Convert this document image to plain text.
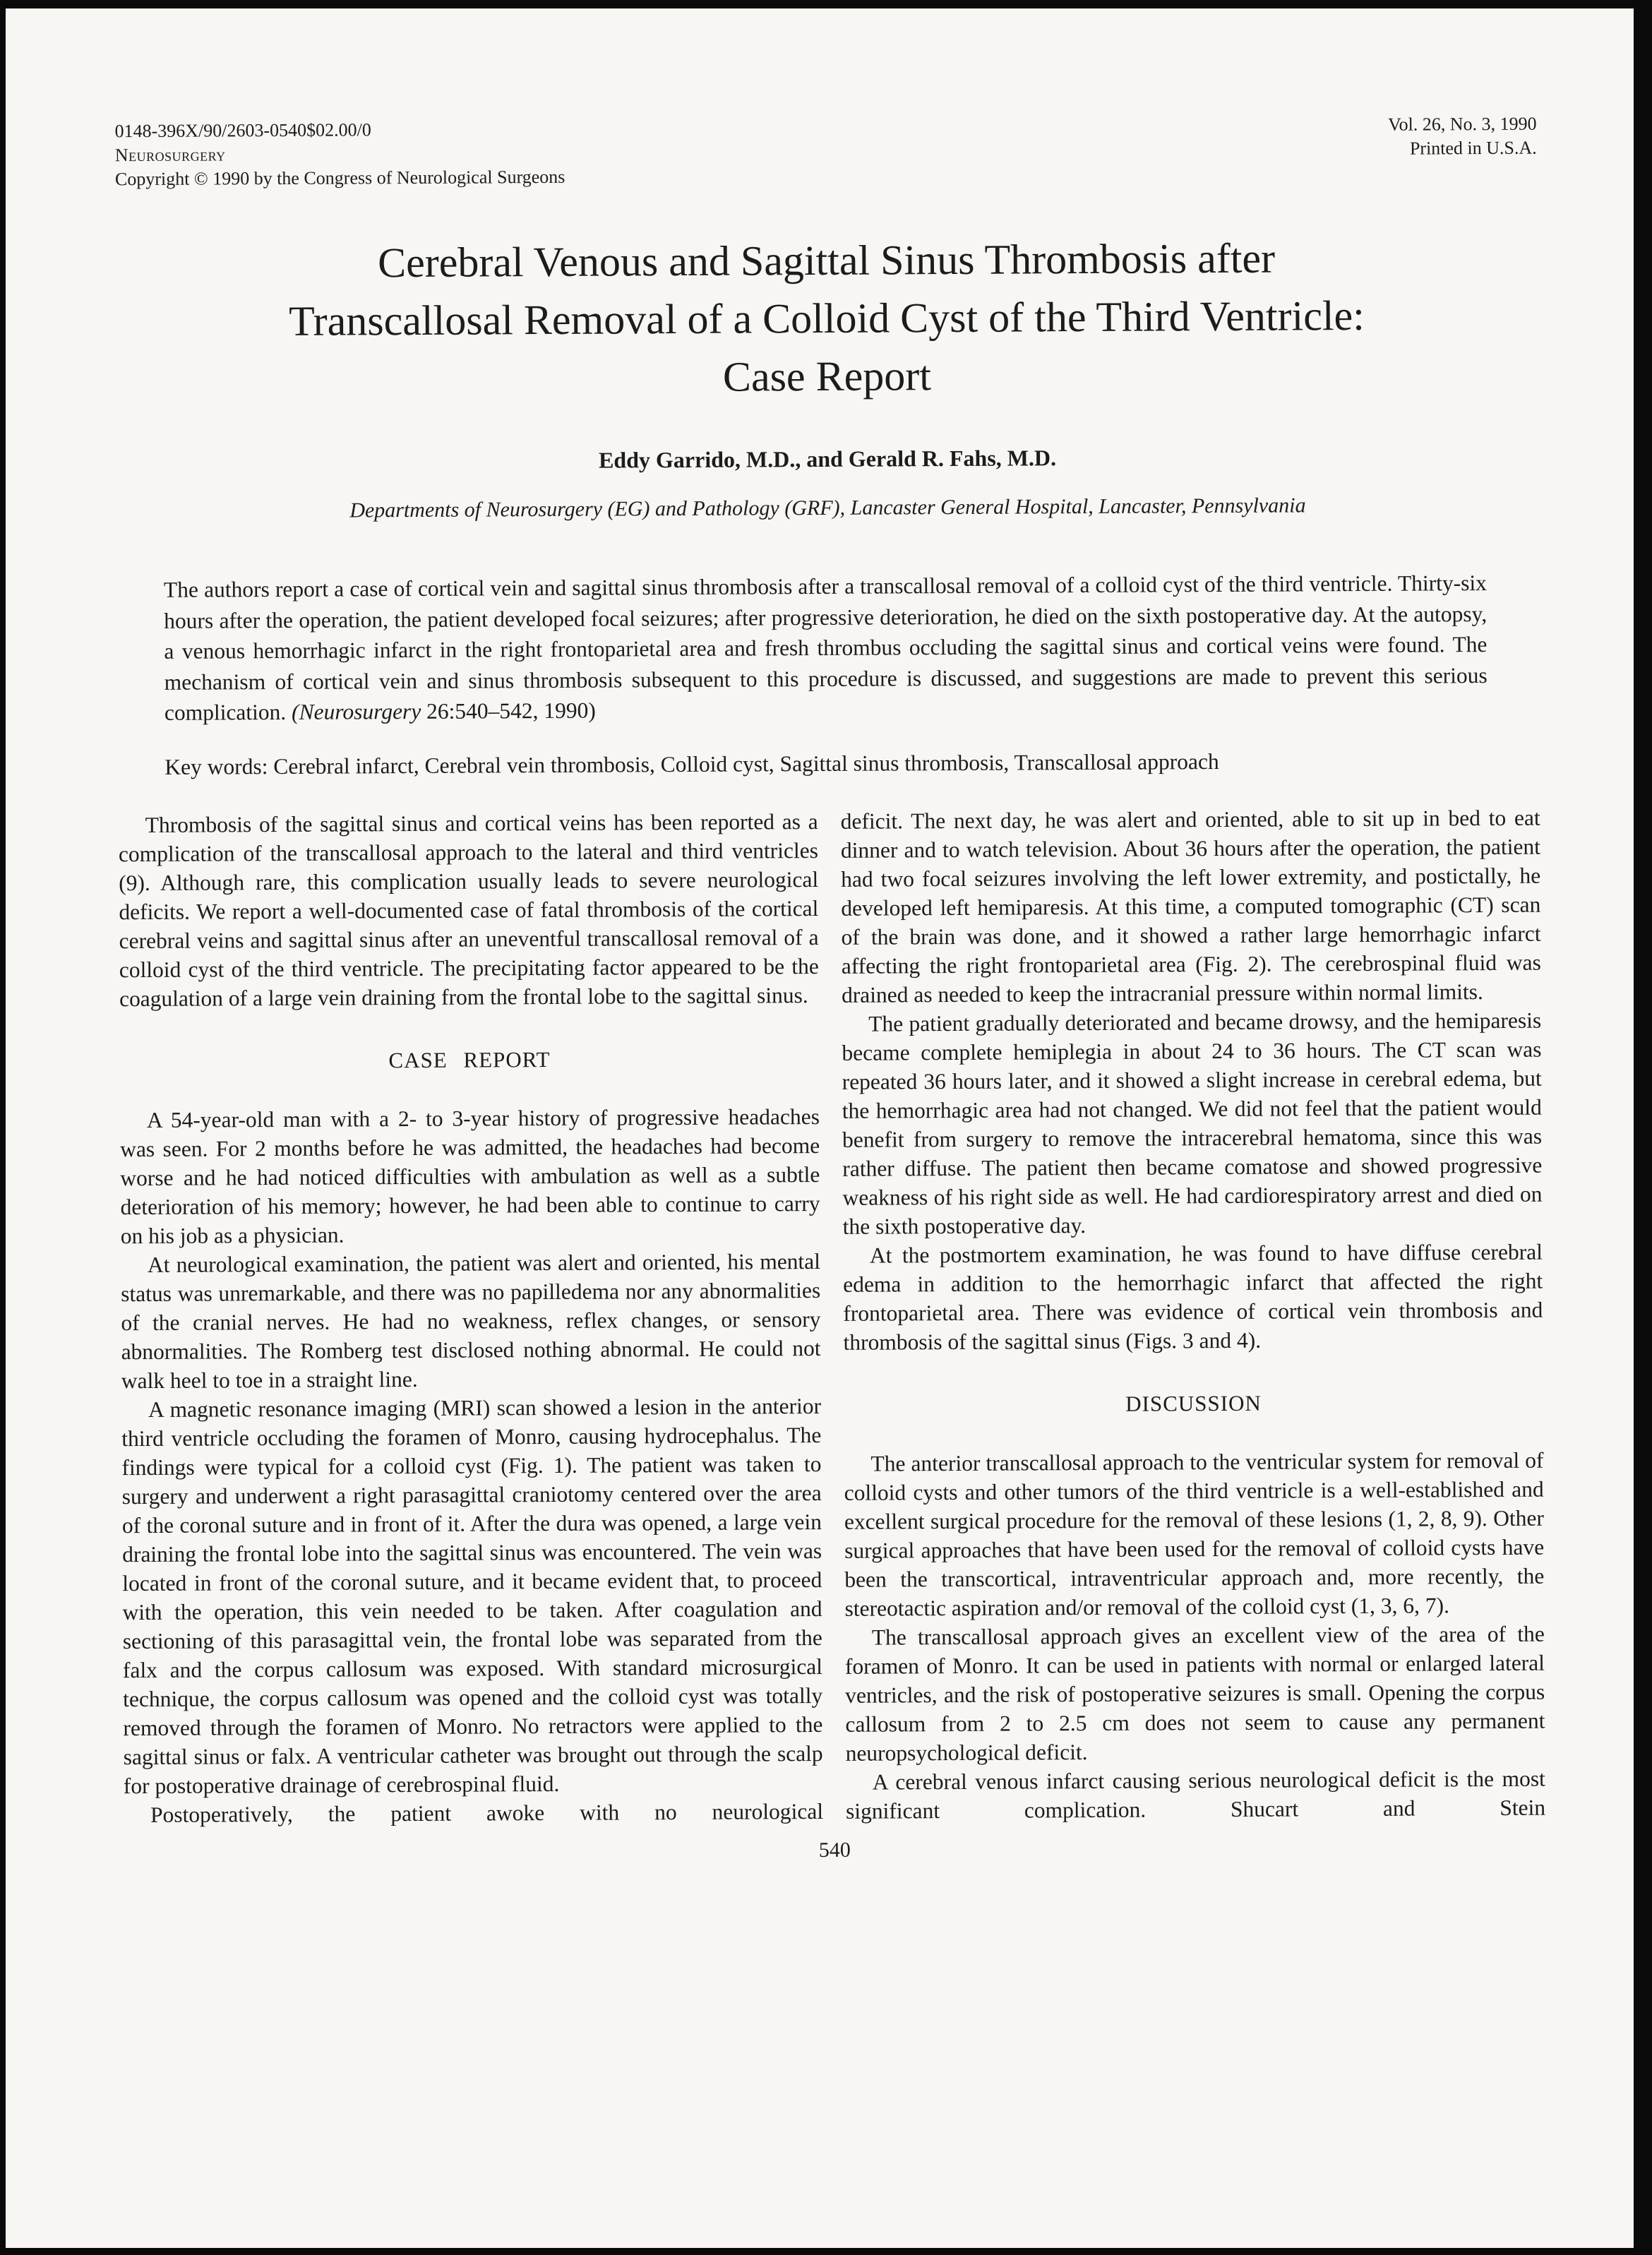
0148-396X/90/2603-0540$02.00/0
Neurosurgery
Copyright © 1990 by the Congress of Neurological Surgeons
Vol. 26, No. 3, 1990
Printed in U.S.A.
Cerebral Venous and Sagittal Sinus Thrombosis after
Transcallosal Removal of a Colloid Cyst of the Third Ventricle:
Case Report
Eddy Garrido, M.D., and Gerald R. Fahs, M.D.
Departments of Neurosurgery (EG) and Pathology (GRF), Lancaster General Hospital, Lancaster, Pennsylvania
The authors report a case of cortical vein and sagittal sinus thrombosis after a transcallosal removal of a colloid cyst of the third ventricle. Thirty-six hours after the operation, the patient developed focal seizures; after progressive deterioration, he died on the sixth postoperative day. At the autopsy, a venous hemorrhagic infarct in the right frontoparietal area and fresh thrombus occluding the sagittal sinus and cortical veins were found. The mechanism of cortical vein and sinus thrombosis subsequent to this procedure is discussed, and suggestions are made to prevent this serious complication. (Neurosurgery 26:540–542, 1990)
Key words: Cerebral infarct, Cerebral vein thrombosis, Colloid cyst, Sagittal sinus thrombosis, Transcallosal approach

Thrombosis of the sagittal sinus and cortical veins has been reported as a complication of the transcallosal approach to the lateral and third ventricles (9). Although rare, this complication usually leads to severe neurological deficits. We report a well-documented case of fatal thrombosis of the cortical cerebral veins and sagittal sinus after an uneventful transcallosal removal of a colloid cyst of the third ventricle. The precipitating factor appeared to be the coagulation of a large vein draining from the frontal lobe to the sagittal sinus.

CASE REPORT

A 54-year-old man with a 2- to 3-year history of progressive headaches was seen. For 2 months before he was admitted, the headaches had become worse and he had noticed difficulties with ambulation as well as a subtle deterioration of his memory; however, he had been able to continue to carry on his job as a physician.

At neurological examination, the patient was alert and oriented, his mental status was unremarkable, and there was no papilledema nor any abnormalities of the cranial nerves. He had no weakness, reflex changes, or sensory abnormalities. The Romberg test disclosed nothing abnormal. He could not walk heel to toe in a straight line.

A magnetic resonance imaging (MRI) scan showed a lesion in the anterior third ventricle occluding the foramen of Monro, causing hydrocephalus. The findings were typical for a colloid cyst (Fig. 1). The patient was taken to surgery and underwent a right parasagittal craniotomy centered over the area of the coronal suture and in front of it. After the dura was opened, a large vein draining the frontal lobe into the sagittal sinus was encountered. The vein was located in front of the coronal suture, and it became evident that, to proceed with the operation, this vein needed to be taken. After coagulation and sectioning of this parasagittal vein, the frontal lobe was separated from the falx and the corpus callosum was exposed. With standard microsurgical technique, the corpus callosum was opened and the colloid cyst was totally removed through the foramen of Monro. No retractors were applied to the sagittal sinus or falx. A ventricular catheter was brought out through the scalp for postoperative drainage of cerebrospinal fluid.

Postoperatively, the patient awoke with no neurological

deficit. The next day, he was alert and oriented, able to sit up in bed to eat dinner and to watch television. About 36 hours after the operation, the patient had two focal seizures involving the left lower extremity, and postictally, he developed left hemiparesis. At this time, a computed tomographic (CT) scan of the brain was done, and it showed a rather large hemorrhagic infarct affecting the right frontoparietal area (Fig. 2). The cerebrospinal fluid was drained as needed to keep the intracranial pressure within normal limits.

The patient gradually deteriorated and became drowsy, and the hemiparesis became complete hemiplegia in about 24 to 36 hours. The CT scan was repeated 36 hours later, and it showed a slight increase in cerebral edema, but the hemorrhagic area had not changed. We did not feel that the patient would benefit from surgery to remove the intracerebral hematoma, since this was rather diffuse. The patient then became comatose and showed progressive weakness of his right side as well. He had cardiorespiratory arrest and died on the sixth postoperative day.

At the postmortem examination, he was found to have diffuse cerebral edema in addition to the hemorrhagic infarct that affected the right frontoparietal area. There was evidence of cortical vein thrombosis and thrombosis of the sagittal sinus (Figs. 3 and 4).

DISCUSSION

The anterior transcallosal approach to the ventricular system for removal of colloid cysts and other tumors of the third ventricle is a well-established and excellent surgical procedure for the removal of these lesions (1, 2, 8, 9). Other surgical approaches that have been used for the removal of colloid cysts have been the transcortical, intraventricular approach and, more recently, the stereotactic aspiration and/or removal of the colloid cyst (1, 3, 6, 7).

The transcallosal approach gives an excellent view of the area of the foramen of Monro. It can be used in patients with normal or enlarged lateral ventricles, and the risk of postoperative seizures is small. Opening the corpus callosum from 2 to 2.5 cm does not seem to cause any permanent neuropsychological deficit.

A cerebral venous infarct causing serious neurological deficit is the most significant complication. Shucart and Stein

540
